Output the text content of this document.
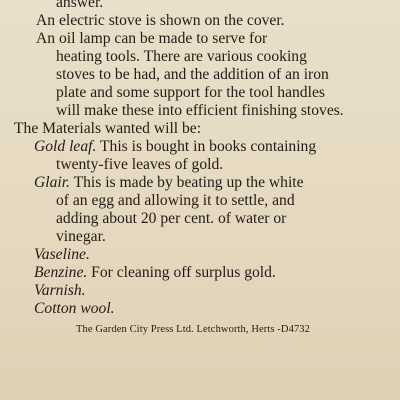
answer.
An electric stove is shown on the cover.
An oil lamp can be made to serve for
heating tools. There are various cooking
stoves to be had, and the addition of an iron
plate and some support for the tool handles
will make these into efficient finishing stoves.
The Materials wanted will be:
Gold leaf. This is bought in books containing
twenty-five leaves of gold.
Glair. This is made by beating up the white
of an egg and allowing it to settle, and
adding about 20 per cent. of water or
vinegar.
Vaseline.
Benzine. For cleaning off surplus gold.
Varnish.
Cotton wool.
The Garden City Press Ltd. Letchworth, Herts -D4732
